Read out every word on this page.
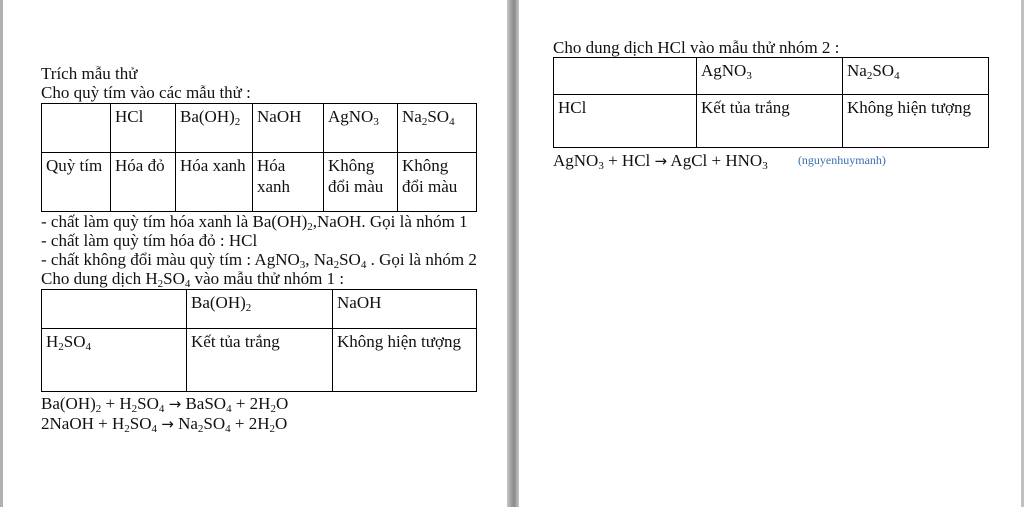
Trích mẫu thử
Cho quỳ tím vào các mẫu thử :
	HCl	$Ba(OH)_2$	NaOH	AgNO$_3$	$Na_2SO_4$
Quỳ tím	Hóa đỏ	Hóa xanh	Hóa xanh	Không đổi màu	Không đổi màu
- chất làm quỳ tím hóa xanh là $Ba(OH)_2,NaOH$. Gọi là nhóm 1
- chất làm quỳ tím hóa đỏ : HCl
- chất không đổi màu quỳ tím : AgNO$_3$, $Na_2SO_4$ . Gọi là nhóm 2
Cho dung dịch $H_2SO_4$ vào mẫu thử nhóm 1 :
	$Ba(OH)_2$	NaOH
$H_2SO_4$	Kết tủa trắng	Không hiện tượng
$Ba(OH)_2 + H_2SO_4$ → BaSO$_4$ + $2H_2O$
2NaOH + $H_2SO_4 \to Na_2SO_4 + 2H_2O$
Cho dung dịch HCl vào mẫu thử nhóm 2 :
	AgNO$_3$	$Na_2SO_4$
HCl	Kết tủa trắng	Không hiện tượng
AgNO$_3$ + HCl → AgCl + $HNO_3$	(nguyenhuymanh)
